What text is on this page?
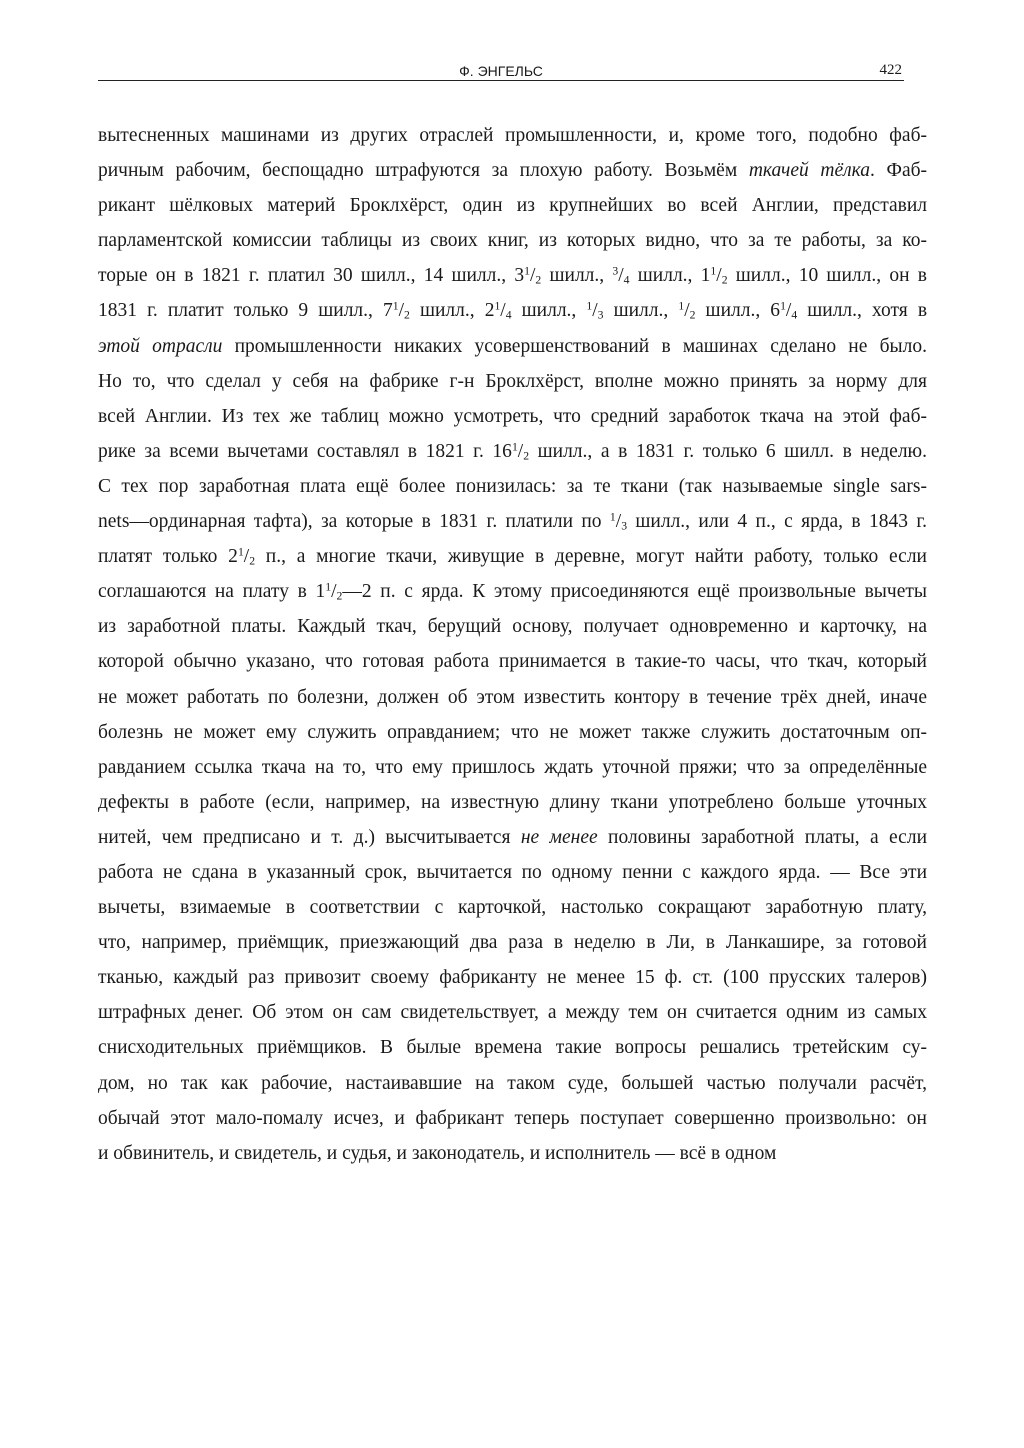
Ф. ЭНГЕЛЬС	422
вытесненных машинами из других отраслей промышленности, и, кроме того, подобно фаб-
ричным рабочим, беспощадно штрафуются за плохую работу. Возьмём ткачей тёлка. Фаб-
рикант шёлковых материй Броклхёрст, один из крупнейших во всей Англии, представил
парламентской комиссии таблицы из своих книг, из которых видно, что за те работы, за ко-
торые он в 1821 г. платил 30 шилл., 14 шилл., $3^1/_2$ шилл., $^3/_4$ шилл., $1^1/_2$ шилл., 10 шилл., он в
1831 г. платит только 9 шилл., $7^1/_2$ шилл., $2^1/_4$ шилл., $^1/_3$ шилл., $^1/_2$ шилл., $6^1/_4$ шилл., хотя в
этой отрасли промышленности никаких усовершенствований в машинах сделано не было.
Но то, что сделал у себя на фабрике г-н Броклхёрст, вполне можно принять за норму для
всей Англии. Из тех же таблиц можно усмотреть, что средний заработок ткача на этой фаб-
рике за всеми вычетами составлял в 1821 г. $16^1/_2$ шилл., а в 1831 г. только 6 шилл. в неделю.
С тех пор заработная плата ещё более понизилась: за те ткани (так называемые single sars-
nets—ординарная тафта), за которые в 1831 г. платили по $^1/_3$ шилл., или 4 п., с ярда, в 1843 г.
платят только $2^1/_2$ п., а многие ткачи, живущие в деревне, могут найти работу, только если
соглашаются на плату в $1^1/_2—2$ п. с ярда. К этому присоединяются ещё произвольные вычеты
из заработной платы. Каждый ткач, берущий основу, получает одновременно и карточку, на
которой обычно указано, что готовая работа принимается в такие-то часы, что ткач, который
не может работать по болезни, должен об этом известить контору в течение трёх дней, иначе
болезнь не может ему служить оправданием; что не может также служить достаточным оп-
равданием ссылка ткача на то, что ему пришлось ждать уточной пряжи; что за определённые
дефекты в работе (если, например, на известную длину ткани употреблено больше уточных
нитей, чем предписано и т. д.) высчитывается не менее половины заработной платы, а если
работа не сдана в указанный срок, вычитается по одному пенни с каждого ярда. — Все эти
вычеты, взимаемые в соответствии с карточкой, настолько сокращают заработную плату,
что, например, приёмщик, приезжающий два раза в неделю в Ли, в Ланкашире, за готовой
тканью, каждый раз привозит своему фабриканту не менее 15 ф. ст. (100 прусских талеров)
штрафных денег. Об этом он сам свидетельствует, а между тем он считается одним из самых
снисходительных приёмщиков. В былые времена такие вопросы решались третейским су-
дом, но так как рабочие, настаивавшие на таком суде, большей частью получали расчёт,
обычай этот мало-помалу исчез, и фабрикант теперь поступает совершенно произвольно: он
и обвинитель, и свидетель, и судья, и законодатель, и исполнитель — всё в одном
